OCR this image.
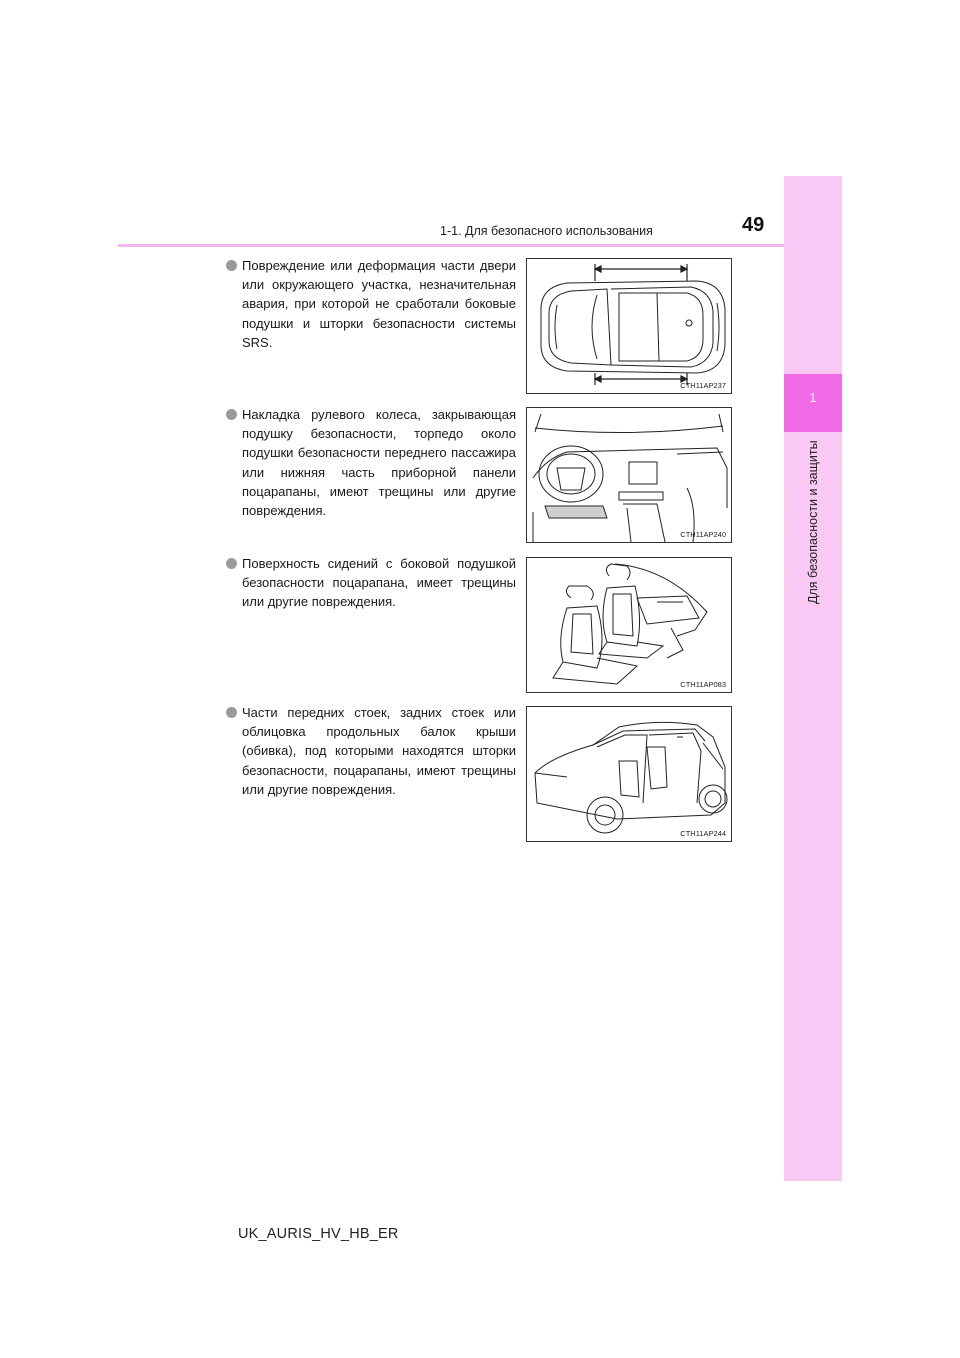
1-1. Для безопасного использования	49
1
Для безопасности и защиты
Повреждение или деформация части двери или окружающего участка, незначительная авария, при которой не сработали боковые подушки и шторки безопасности системы SRS.
CTH11AP237
Накладка рулевого колеса, закрывающая подушку безопасности, торпедо около подушки безопасности переднего пассажира или нижняя часть приборной панели поцарапаны, имеют трещины или другие повреждения.
CTH11AP240
Поверхность сидений с боковой подушкой безопасности поцарапана, имеет трещины или другие повреждения.
CTH11AP083
Части передних стоек, задних стоек или облицовка продольных балок крыши (обивка), под которыми находятся шторки безопасности, поцарапаны, имеют трещины или другие повреждения.
CTH11AP244
UK_AURIS_HV_HB_ER
